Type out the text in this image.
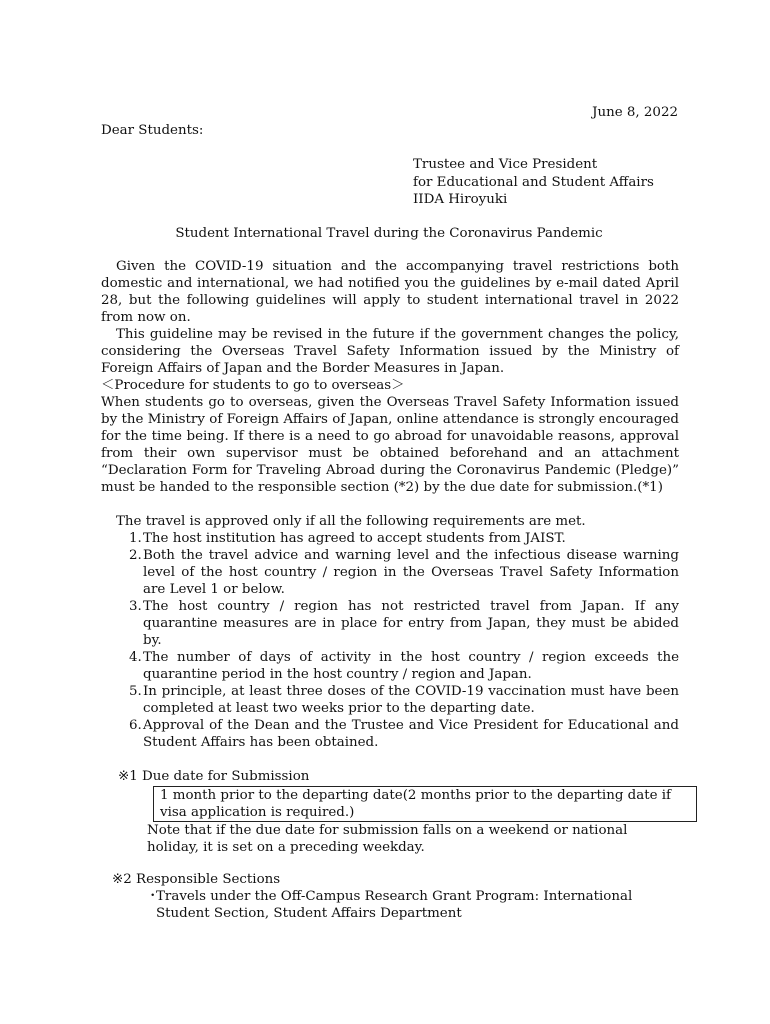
June 8, 2022
Dear Students:
Trustee and Vice President
for Educational and Student Affairs
IIDA Hiroyuki
Student International Travel during the Coronavirus Pandemic

Given the COVID-19 situation and the accompanying travel restrictions both domestic and international, we had notified you the guidelines by e-mail dated April 28, but the following guidelines will apply to student international travel in 2022 from now on.

This guideline may be revised in the future if the government changes the policy, considering the Overseas Travel Safety Information issued by the Ministry of Foreign Affairs of Japan and the Border Measures in Japan.

＜Procedure for students to go to overseas＞
When students go to overseas, given the Overseas Travel Safety Information issued by the Ministry of Foreign Affairs of Japan, online attendance is strongly encouraged for the time being. If there is a need to go abroad for unavoidable reasons, approval from their own supervisor must be obtained beforehand and an attachment “Declaration Form for Traveling Abroad during the Coronavirus Pandemic (Pledge)” must be handed to the responsible section (*2) by the due date for submission.(*1)
The travel is approved only if all the following requirements are met.
1. The host institution has agreed to accept students from JAIST.
2. Both the travel advice and warning level and the infectious disease warning level of the host country / region in the Overseas Travel Safety Information are Level 1 or below.
3. The host country / region has not restricted travel from Japan. If any quarantine measures are in place for entry from Japan, they must be abided by.
4. The number of days of activity in the host country / region exceeds the quarantine period in the host country / region and Japan.
5. In principle, at least three doses of the COVID-19 vaccination must have been completed at least two weeks prior to the departing date.
6. Approval of the Dean and the Trustee and Vice President for Educational and Student Affairs has been obtained.
※1 Due date for Submission
1 month prior to the departing date(2 months prior to the departing date if visa application is required.)
Note that if the due date for submission falls on a weekend or national holiday, it is set on a preceding weekday.
※2 Responsible Sections
・
Travels under the Off-Campus Research Grant Program: International Student Section, Student Affairs Department
